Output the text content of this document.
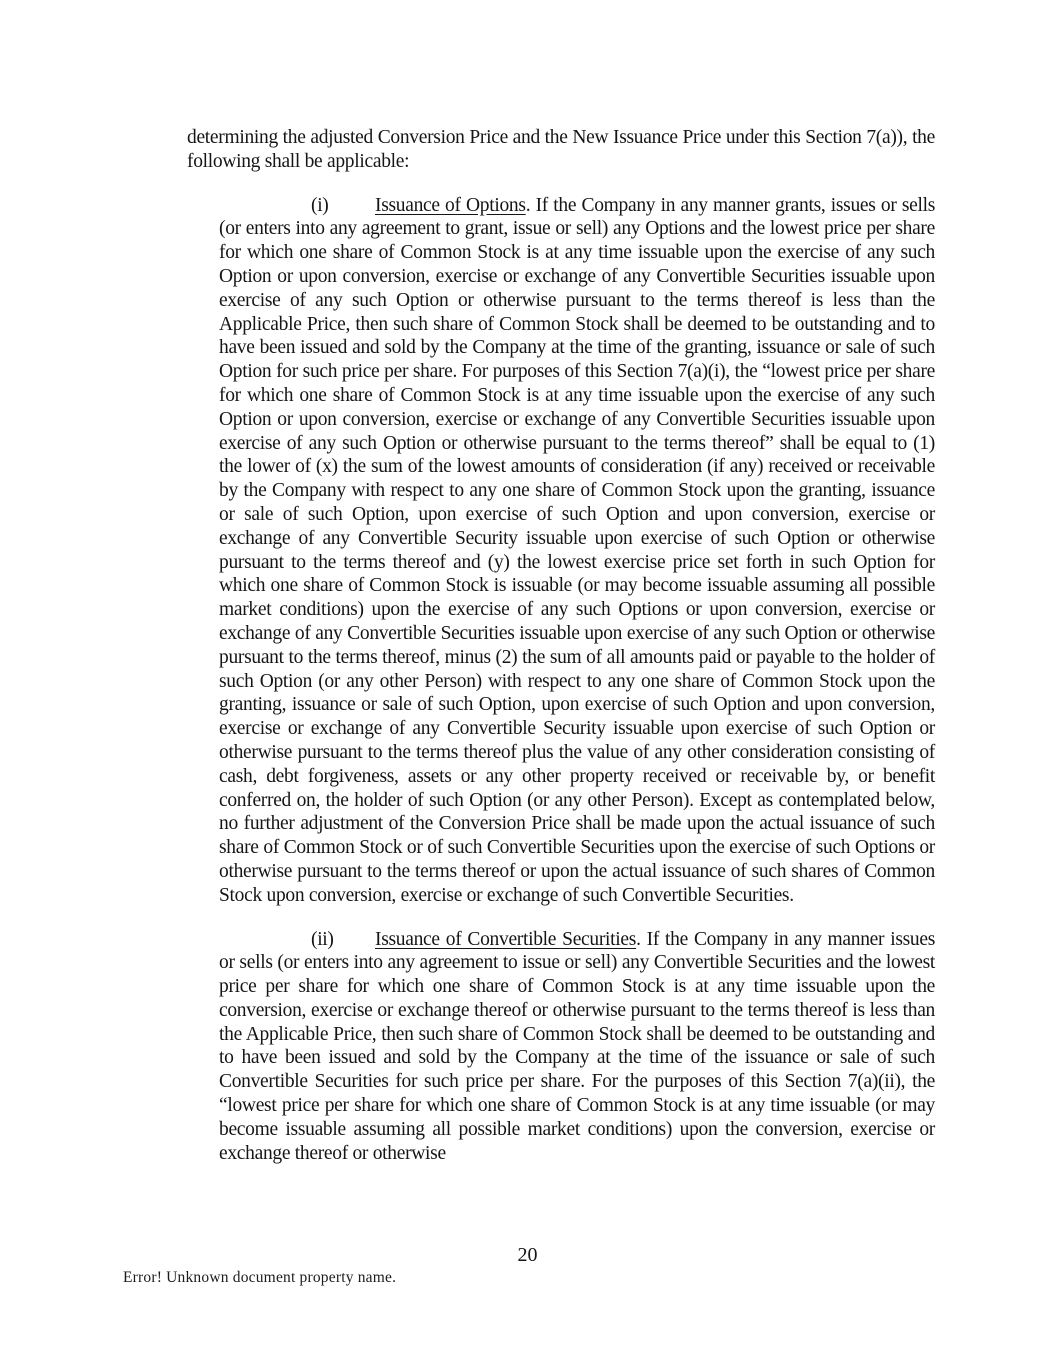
determining the adjusted Conversion Price and the New Issuance Price under this Section 7(a)), the following shall be applicable:

(i) Issuance of Options. If the Company in any manner grants, issues or sells (or enters into any agreement to grant, issue or sell) any Options and the lowest price per share for which one share of Common Stock is at any time issuable upon the exercise of any such Option or upon conversion, exercise or exchange of any Convertible Securities issuable upon exercise of any such Option or otherwise pursuant to the terms thereof is less than the Applicable Price, then such share of Common Stock shall be deemed to be outstanding and to have been issued and sold by the Company at the time of the granting, issuance or sale of such Option for such price per share. For purposes of this Section 7(a)(i), the “lowest price per share for which one share of Common Stock is at any time issuable upon the exercise of any such Option or upon conversion, exercise or exchange of any Convertible Securities issuable upon exercise of any such Option or otherwise pursuant to the terms thereof” shall be equal to (1) the lower of (x) the sum of the lowest amounts of consideration (if any) received or receivable by the Company with respect to any one share of Common Stock upon the granting, issuance or sale of such Option, upon exercise of such Option and upon conversion, exercise or exchange of any Convertible Security issuable upon exercise of such Option or otherwise pursuant to the terms thereof and (y) the lowest exercise price set forth in such Option for which one share of Common Stock is issuable (or may become issuable assuming all possible market conditions) upon the exercise of any such Options or upon conversion, exercise or exchange of any Convertible Securities issuable upon exercise of any such Option or otherwise pursuant to the terms thereof, minus (2) the sum of all amounts paid or payable to the holder of such Option (or any other Person) with respect to any one share of Common Stock upon the granting, issuance or sale of such Option, upon exercise of such Option and upon conversion, exercise or exchange of any Convertible Security issuable upon exercise of such Option or otherwise pursuant to the terms thereof plus the value of any other consideration consisting of cash, debt forgiveness, assets or any other property received or receivable by, or benefit conferred on, the holder of such Option (or any other Person). Except as contemplated below, no further adjustment of the Conversion Price shall be made upon the actual issuance of such share of Common Stock or of such Convertible Securities upon the exercise of such Options or otherwise pursuant to the terms thereof or upon the actual issuance of such shares of Common Stock upon conversion, exercise or exchange of such Convertible Securities.

(ii) Issuance of Convertible Securities. If the Company in any manner issues or sells (or enters into any agreement to issue or sell) any Convertible Securities and the lowest price per share for which one share of Common Stock is at any time issuable upon the conversion, exercise or exchange thereof or otherwise pursuant to the terms thereof is less than the Applicable Price, then such share of Common Stock shall be deemed to be outstanding and to have been issued and sold by the Company at the time of the issuance or sale of such Convertible Securities for such price per share. For the purposes of this Section 7(a)(ii), the “lowest price per share for which one share of Common Stock is at any time issuable (or may become issuable assuming all possible market conditions) upon the conversion, exercise or exchange thereof or otherwise

20
Error! Unknown document property name.
